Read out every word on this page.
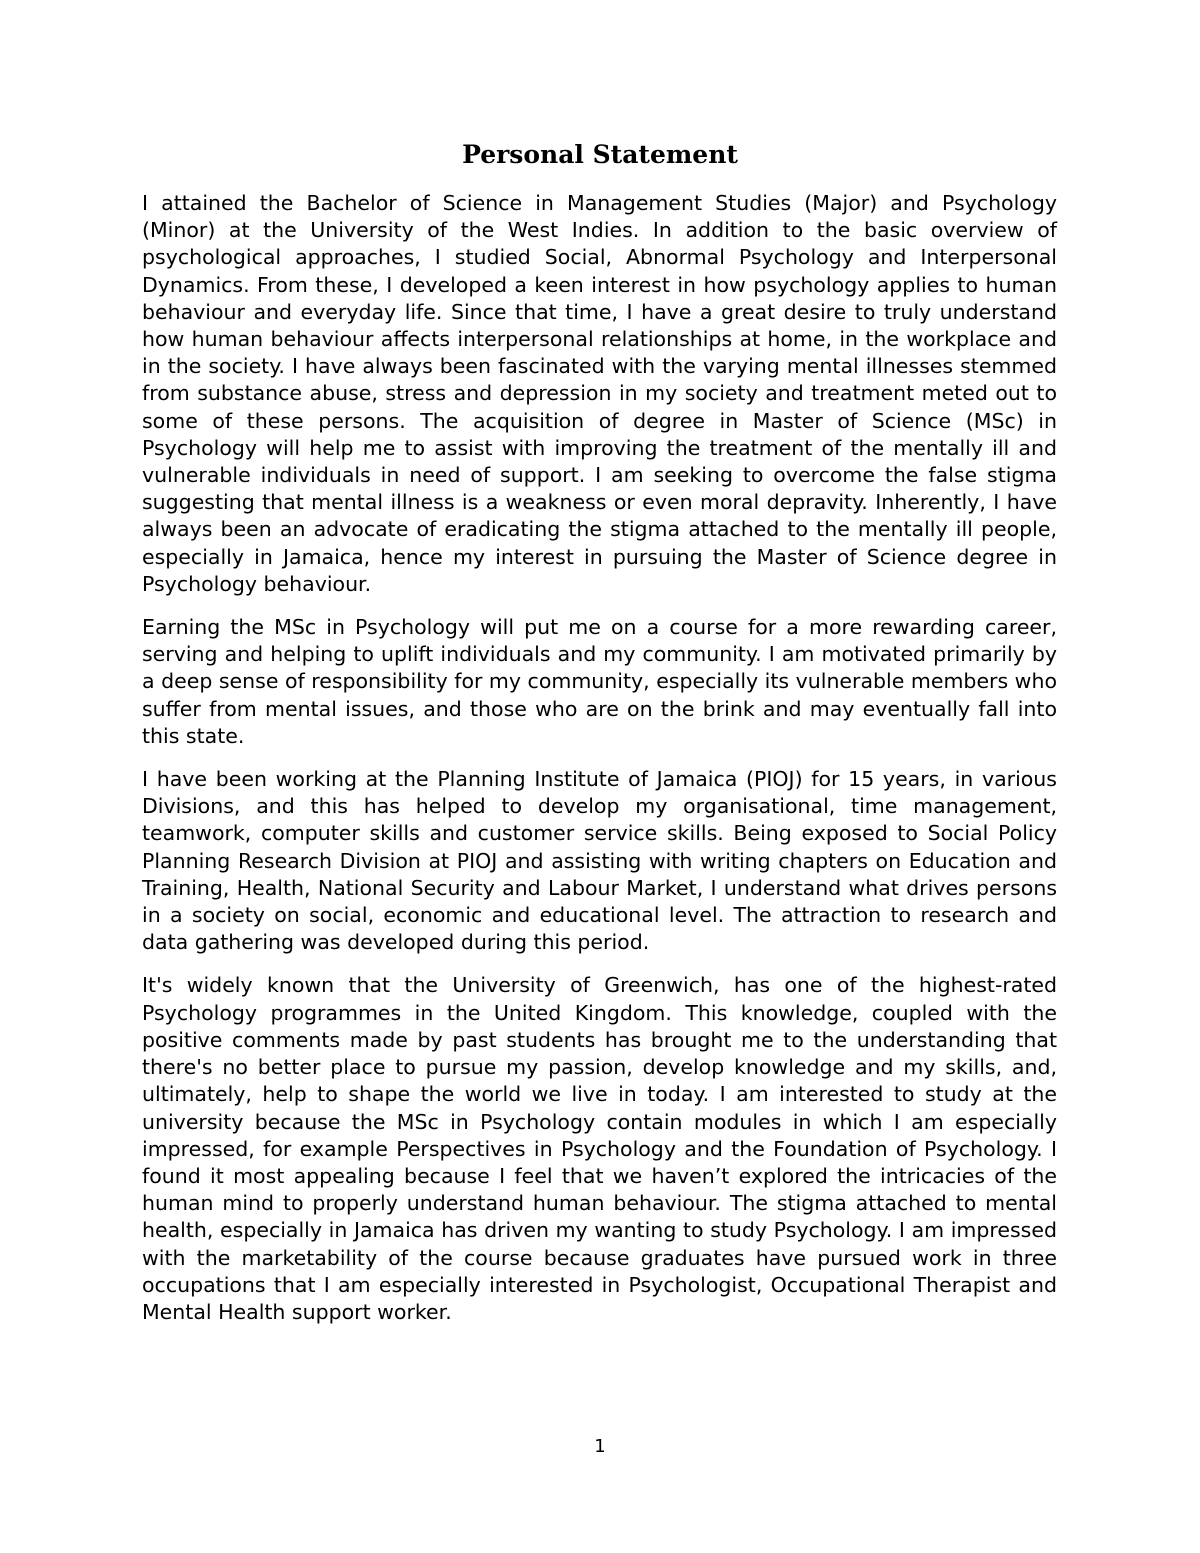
Personal Statement

I attained the Bachelor of Science in Management Studies (Major) and Psychology (Minor) at the University of the West Indies. In addition to the basic overview of psychological approaches, I studied Social, Abnormal Psychology and Interpersonal Dynamics. From these, I developed a keen interest in how psychology applies to human behaviour and everyday life. Since that time, I have a great desire to truly understand how human behaviour affects interpersonal relationships at home, in the workplace and in the society. I have always been fascinated with the varying mental illnesses stemmed from substance abuse, stress and depression in my society and treatment meted out to some of these persons. The acquisition of degree in Master of Science (MSc) in Psychology will help me to assist with improving the treatment of the mentally ill and vulnerable individuals in need of support. I am seeking to overcome the false stigma suggesting that mental illness is a weakness or even moral depravity. Inherently, I have always been an advocate of eradicating the stigma attached to the mentally ill people, especially in Jamaica, hence my interest in pursuing the Master of Science degree in Psychology behaviour.

Earning the MSc in Psychology will put me on a course for a more rewarding career, serving and helping to uplift individuals and my community. I am motivated primarily by a deep sense of responsibility for my community, especially its vulnerable members who suffer from mental issues, and those who are on the brink and may eventually fall into this state.

I have been working at the Planning Institute of Jamaica (PIOJ) for 15 years, in various Divisions, and this has helped to develop my organisational, time management, teamwork, computer skills and customer service skills. Being exposed to Social Policy Planning Research Division at PIOJ and assisting with writing chapters on Education and Training, Health, National Security and Labour Market, I understand what drives persons in a society on social, economic and educational level. The attraction to research and data gathering was developed during this period.

It's widely known that the University of Greenwich, has one of the highest-rated Psychology programmes in the United Kingdom. This knowledge, coupled with the positive comments made by past students has brought me to the understanding that there's no better place to pursue my passion, develop knowledge and my skills, and, ultimately, help to shape the world we live in today. I am interested to study at the university because the MSc in Psychology contain modules in which I am especially impressed, for example Perspectives in Psychology and the Foundation of Psychology. I found it most appealing because I feel that we haven’t explored the intricacies of the human mind to properly understand human behaviour. The stigma attached to mental health, especially in Jamaica has driven my wanting to study Psychology. I am impressed with the marketability of the course because graduates have pursued work in three occupations that I am especially interested in Psychologist, Occupational Therapist and Mental Health support worker.

1
